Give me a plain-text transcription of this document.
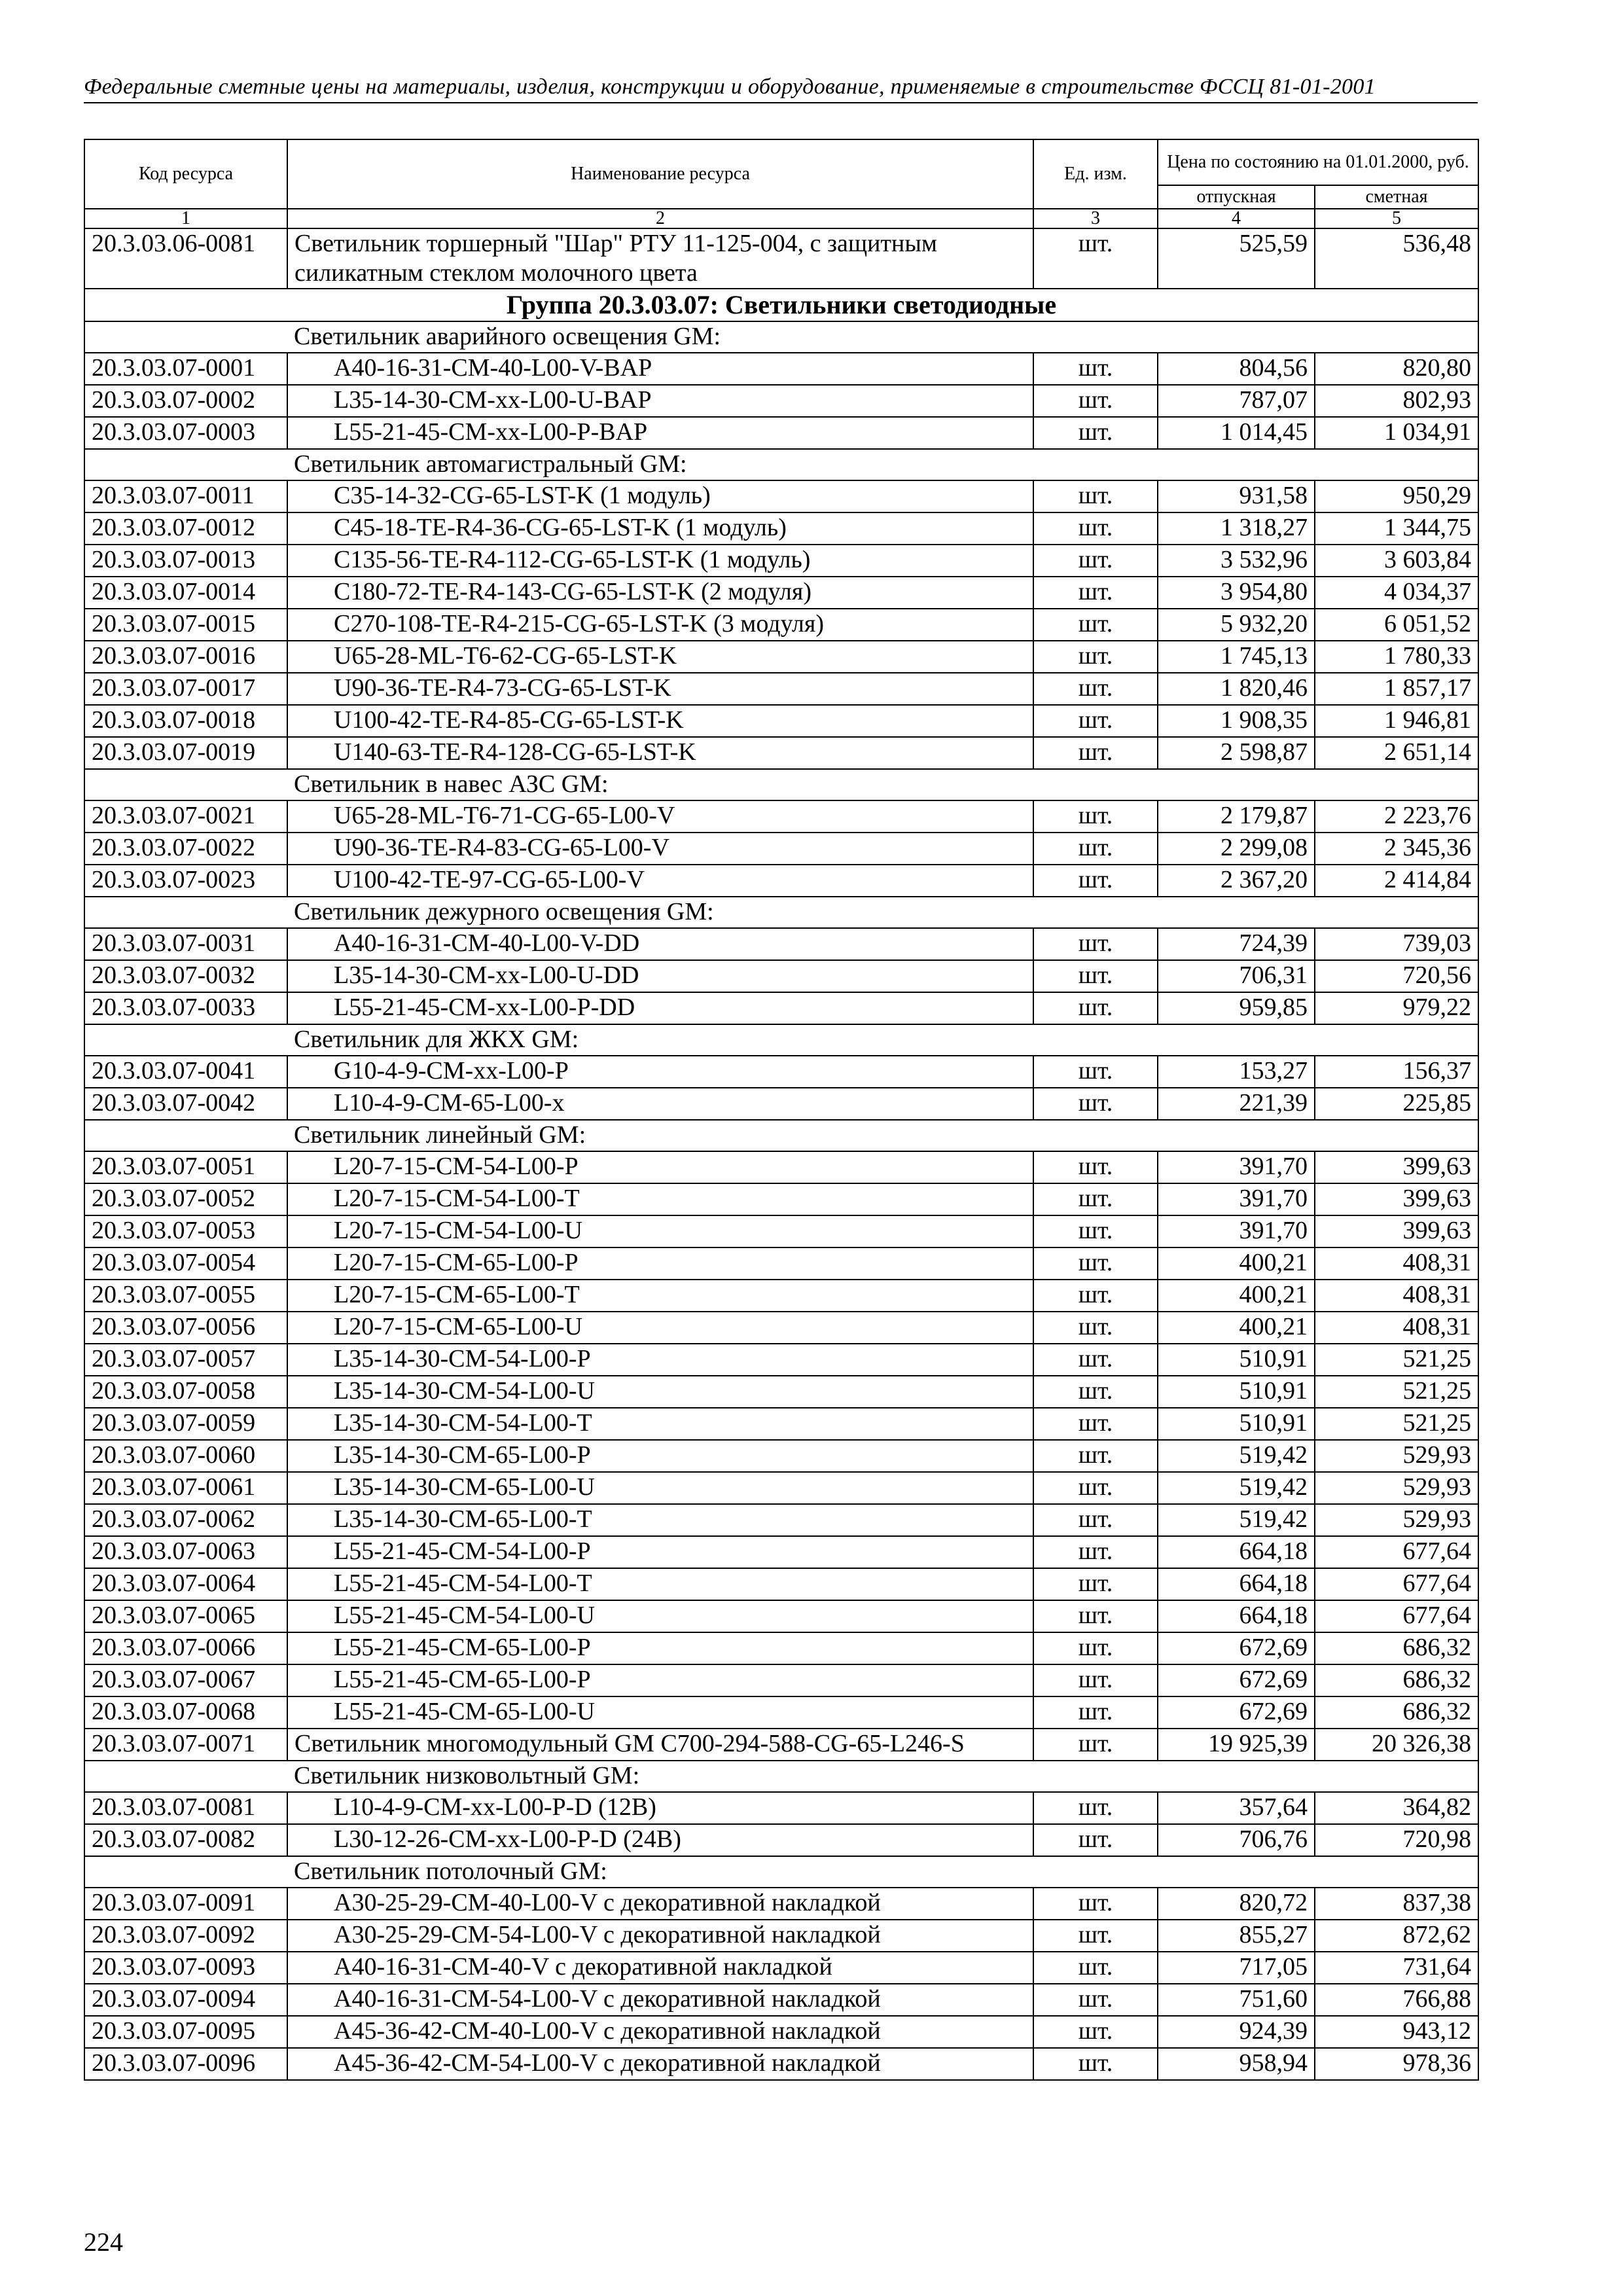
Федеральные сметные цены на материалы, изделия, конструкции и оборудование, применяемые в строительстве ФССЦ 81-01-2001
Код ресурса	Наименование ресурса	Ед. изм.	Цена по состоянию на 01.01.2000, руб.	
			отпускная	сметная
1	2	3	4	5
20.3.03.06-0081	Светильник торшерный "Шар" РТУ 11-125-004, с защитным силикатным стеклом молочного цвета	шт.	525,59	536,48
Группа 20.3.03.07: Светильники светодиодные				
	Светильник аварийного освещения GM:			
20.3.03.07-0001	A40-16-31-CM-40-L00-V-BAP	шт.	804,56	820,80
20.3.03.07-0002	L35-14-30-CM-xx-L00-U-BAP	шт.	787,07	802,93
20.3.03.07-0003	L55-21-45-CM-xx-L00-P-BAP	шт.	1 014,45	1 034,91
	Светильник автомагистральный GM:			
20.3.03.07-0011	C35-14-32-CG-65-LST-K (1 модуль)	шт.	931,58	950,29
20.3.03.07-0012	C45-18-TE-R4-36-CG-65-LST-K (1 модуль)	шт.	1 318,27	1 344,75
20.3.03.07-0013	C135-56-TE-R4-112-CG-65-LST-K (1 модуль)	шт.	3 532,96	3 603,84
20.3.03.07-0014	C180-72-TE-R4-143-CG-65-LST-K (2 модуля)	шт.	3 954,80	4 034,37
20.3.03.07-0015	C270-108-TE-R4-215-CG-65-LST-K (3 модуля)	шт.	5 932,20	6 051,52
20.3.03.07-0016	U65-28-ML-T6-62-CG-65-LST-K	шт.	1 745,13	1 780,33
20.3.03.07-0017	U90-36-TE-R4-73-CG-65-LST-K	шт.	1 820,46	1 857,17
20.3.03.07-0018	U100-42-TE-R4-85-CG-65-LST-K	шт.	1 908,35	1 946,81
20.3.03.07-0019	U140-63-TE-R4-128-CG-65-LST-K	шт.	2 598,87	2 651,14
	Светильник в навес АЗС GM:			
20.3.03.07-0021	U65-28-ML-T6-71-CG-65-L00-V	шт.	2 179,87	2 223,76
20.3.03.07-0022	U90-36-TE-R4-83-CG-65-L00-V	шт.	2 299,08	2 345,36
20.3.03.07-0023	U100-42-TE-97-CG-65-L00-V	шт.	2 367,20	2 414,84
	Светильник дежурного освещения GM:			
20.3.03.07-0031	A40-16-31-CM-40-L00-V-DD	шт.	724,39	739,03
20.3.03.07-0032	L35-14-30-CM-xx-L00-U-DD	шт.	706,31	720,56
20.3.03.07-0033	L55-21-45-CM-xx-L00-P-DD	шт.	959,85	979,22
	Светильник для ЖКХ GM:			
20.3.03.07-0041	G10-4-9-CM-xx-L00-P	шт.	153,27	156,37
20.3.03.07-0042	L10-4-9-CM-65-L00-x	шт.	221,39	225,85
	Светильник линейный GM:			
20.3.03.07-0051	L20-7-15-CM-54-L00-P	шт.	391,70	399,63
20.3.03.07-0052	L20-7-15-CM-54-L00-T	шт.	391,70	399,63
20.3.03.07-0053	L20-7-15-CM-54-L00-U	шт.	391,70	399,63
20.3.03.07-0054	L20-7-15-CM-65-L00-P	шт.	400,21	408,31
20.3.03.07-0055	L20-7-15-CM-65-L00-T	шт.	400,21	408,31
20.3.03.07-0056	L20-7-15-CM-65-L00-U	шт.	400,21	408,31
20.3.03.07-0057	L35-14-30-CM-54-L00-P	шт.	510,91	521,25
20.3.03.07-0058	L35-14-30-CM-54-L00-U	шт.	510,91	521,25
20.3.03.07-0059	L35-14-30-CM-54-L00-T	шт.	510,91	521,25
20.3.03.07-0060	L35-14-30-CM-65-L00-P	шт.	519,42	529,93
20.3.03.07-0061	L35-14-30-CM-65-L00-U	шт.	519,42	529,93
20.3.03.07-0062	L35-14-30-CM-65-L00-T	шт.	519,42	529,93
20.3.03.07-0063	L55-21-45-CM-54-L00-P	шт.	664,18	677,64
20.3.03.07-0064	L55-21-45-CM-54-L00-T	шт.	664,18	677,64
20.3.03.07-0065	L55-21-45-CM-54-L00-U	шт.	664,18	677,64
20.3.03.07-0066	L55-21-45-CM-65-L00-P	шт.	672,69	686,32
20.3.03.07-0067	L55-21-45-CM-65-L00-P	шт.	672,69	686,32
20.3.03.07-0068	L55-21-45-CM-65-L00-U	шт.	672,69	686,32
20.3.03.07-0071	Светильник многомодульный GM C700-294-588-CG-65-L246-S	шт.	19 925,39	20 326,38
	Светильник низковольтный GM:			
20.3.03.07-0081	L10-4-9-CM-xx-L00-P-D (12В)	шт.	357,64	364,82
20.3.03.07-0082	L30-12-26-CM-xx-L00-P-D (24В)	шт.	706,76	720,98
	Светильник потолочный GM:			
20.3.03.07-0091	A30-25-29-CM-40-L00-V с декоративной накладкой	шт.	820,72	837,38
20.3.03.07-0092	A30-25-29-CM-54-L00-V с декоративной накладкой	шт.	855,27	872,62
20.3.03.07-0093	A40-16-31-CM-40-V с декоративной накладкой	шт.	717,05	731,64
20.3.03.07-0094	A40-16-31-CM-54-L00-V с декоративной накладкой	шт.	751,60	766,88
20.3.03.07-0095	A45-36-42-CM-40-L00-V с декоративной накладкой	шт.	924,39	943,12
20.3.03.07-0096	A45-36-42-CM-54-L00-V с декоративной накладкой	шт.	958,94	978,36
224
